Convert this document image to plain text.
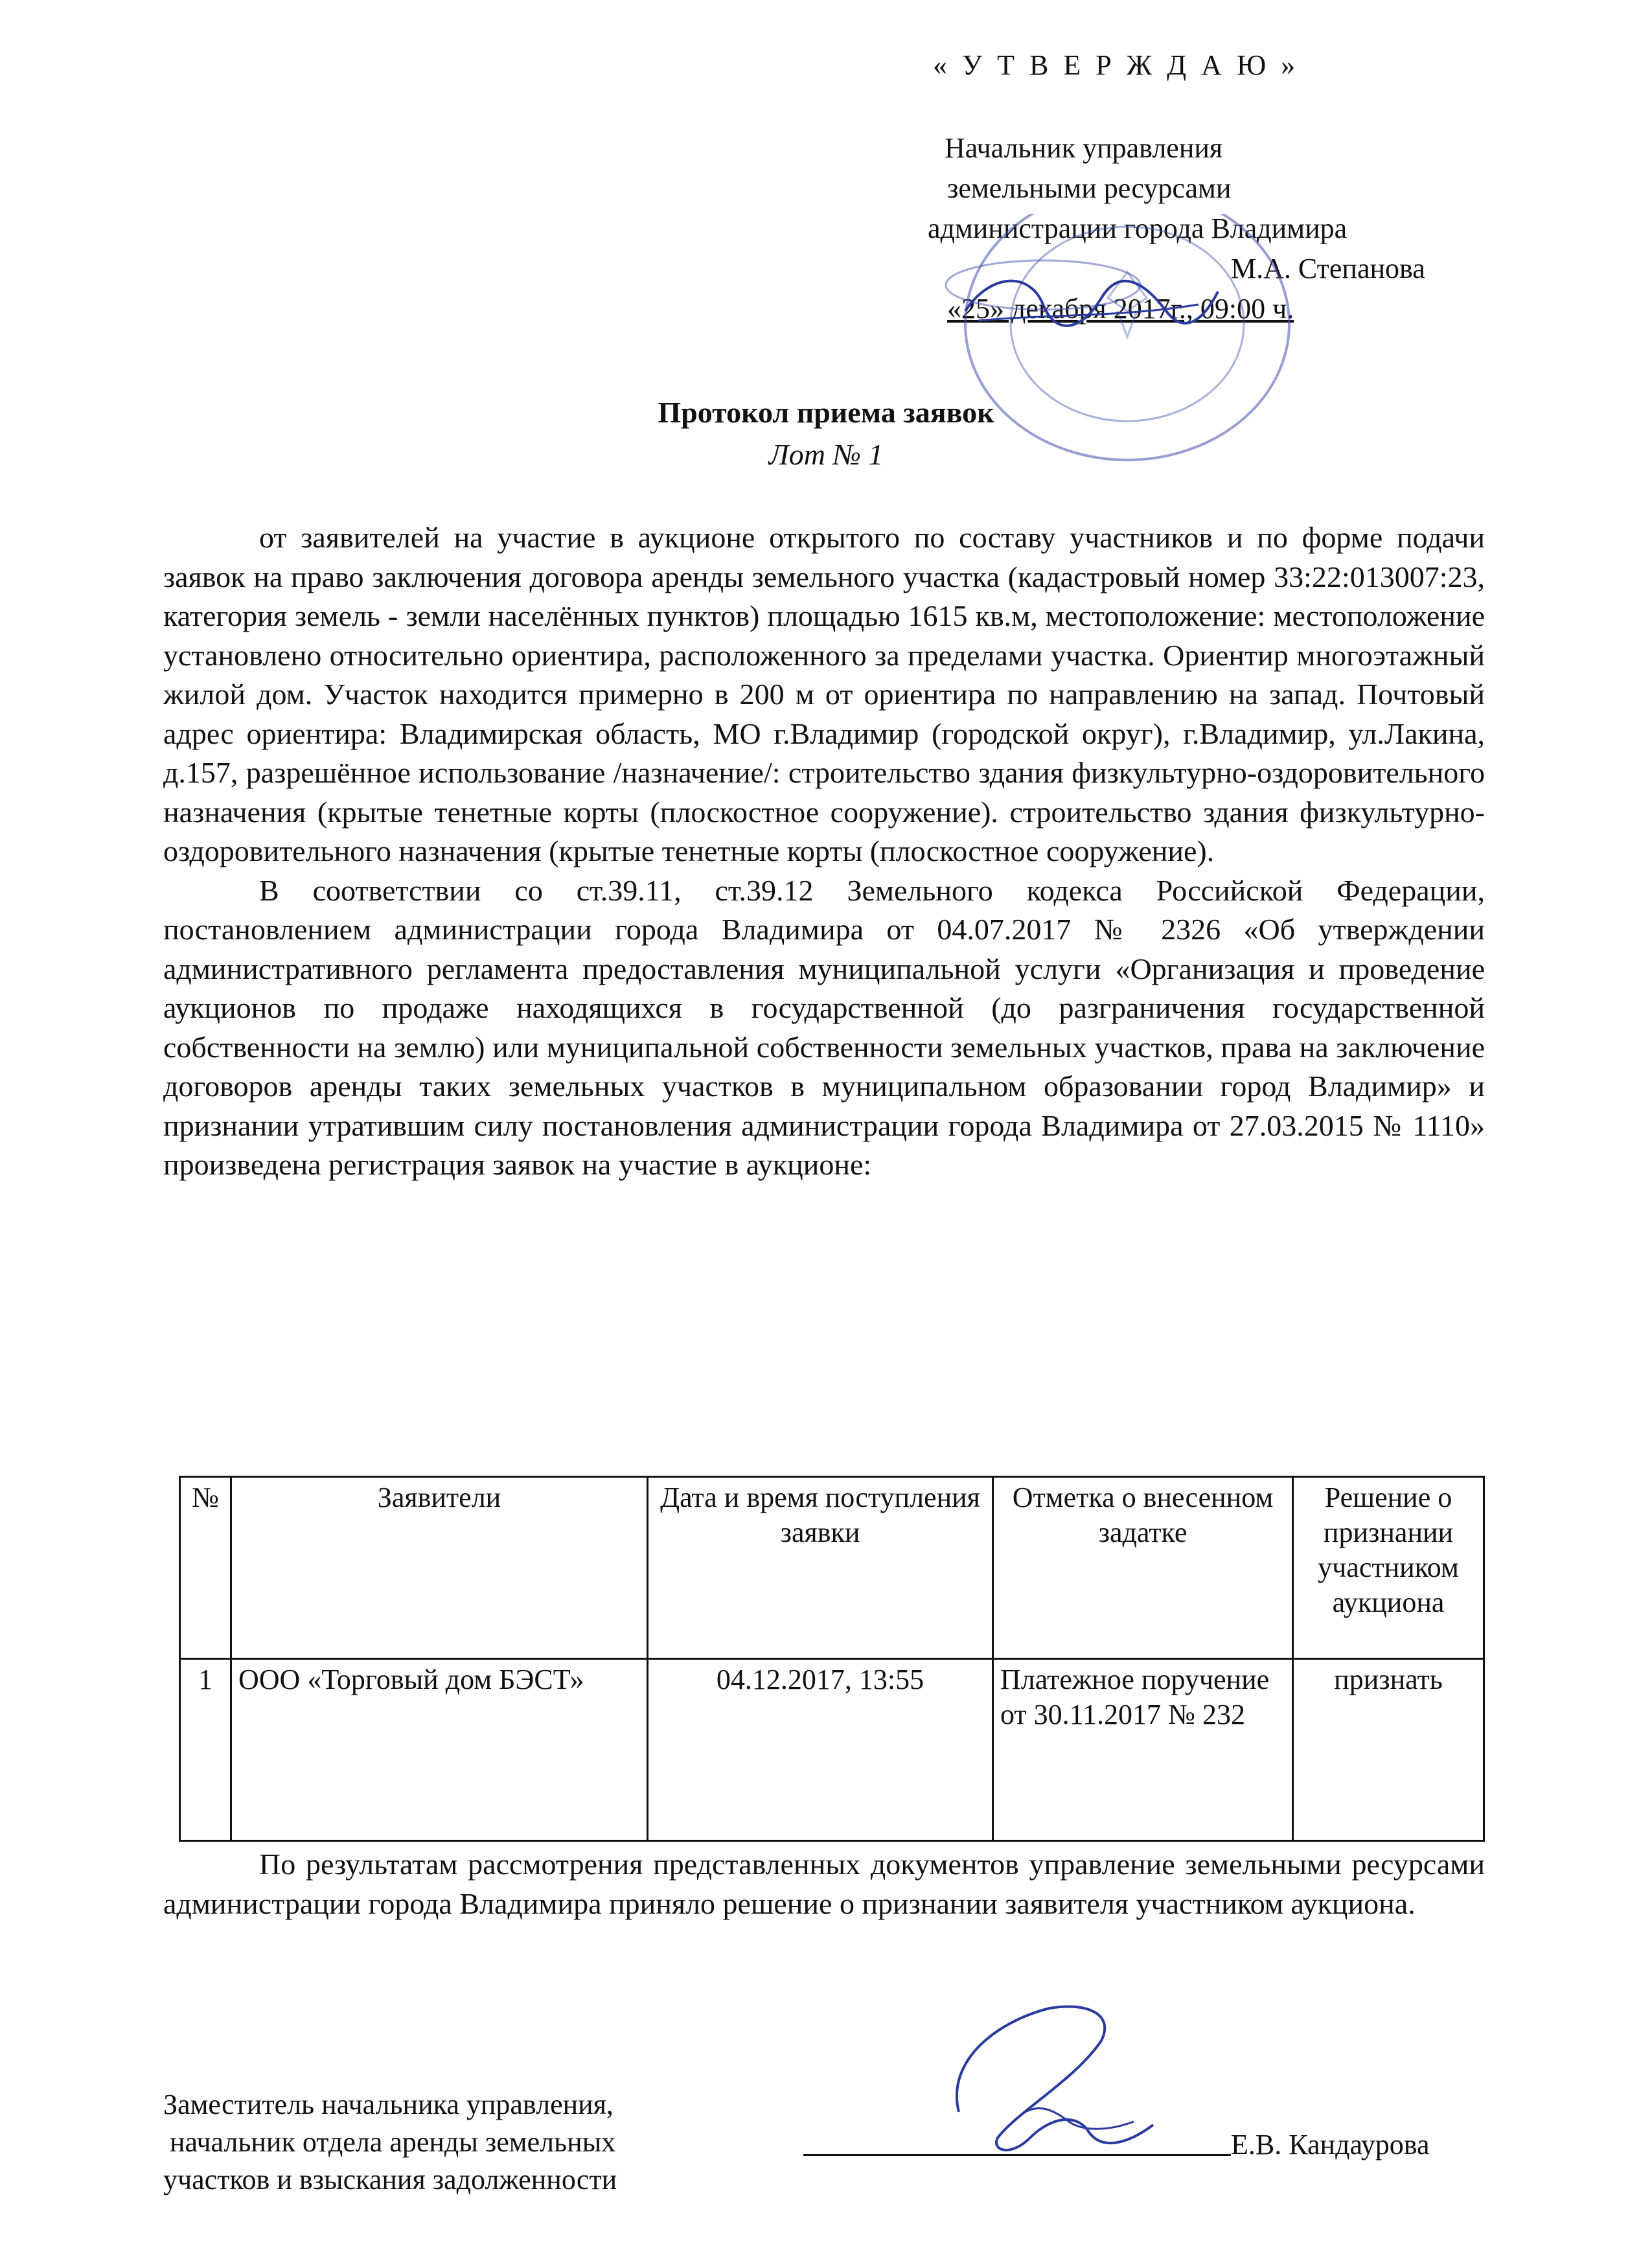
« У Т В Е Р Ж Д А Ю »
Начальник управления
земельными ресурсами
администрации города Владимира
М.А. Степанова
«25» декабря 2017г., 09:00 ч.
Протокол приема заявок
Лот № 1

от заявителей на участие в аукционе открытого по составу участников и по форме подачи заявок на право заключения договора аренды земельного участка (кадастровый номер 33:22:013007:23, категория земель - земли населённых пунктов) площадью 1615 кв.м, местоположение: местоположение установлено относительно ориентира, расположенного за пределами участка. Ориентир многоэтажный жилой дом. Участок находится примерно в 200 м от ориентира по направлению на запад. Почтовый адрес ориентира: Владимирская область, МО г.Владимир (городской округ), г.Владимир, ул.Лакина, д.157, разрешённое использование /назначение/: строительство здания физкультурно-оздоровительного назначения (крытые тенетные корты (плоскостное сооружение). строительство здания физкультурно-оздоровительного назначения (крытые тенетные корты (плоскостное сооружение).

В соответствии со ст.39.11, ст.39.12 Земельного кодекса Российской Федерации, постановлением администрации города Владимира от 04.07.2017 № 2326 «Об утверждении административного регламента предоставления муниципальной услуги «Организация и проведение аукционов по продаже находящихся в государственной (до разграничения государственной собственности на землю) или муниципальной собственности земельных участков, права на заключение договоров аренды таких земельных участков в муниципальном образовании город Владимир» и признании утратившим силу постановления администрации города Владимира от 27.03.2015 № 1110» произведена регистрация заявок на участие в аукционе:

№	Заявители	Дата и время поступления заявки	Отметка о внесенном задатке	Решение о признании участником аукциона
1	ООО «Торговый дом БЭСТ»	04.12.2017, 13:55	Платежное поручение от 30.11.2017 № 232	признать

По результатам рассмотрения представленных документов управление земельными ресурсами администрации города Владимира приняло решение о признании заявителя участником аукциона.

Заместитель начальника управления,
начальник отдела аренды земельных
участков и взыскания задолженности
Е.В. Кандаурова
